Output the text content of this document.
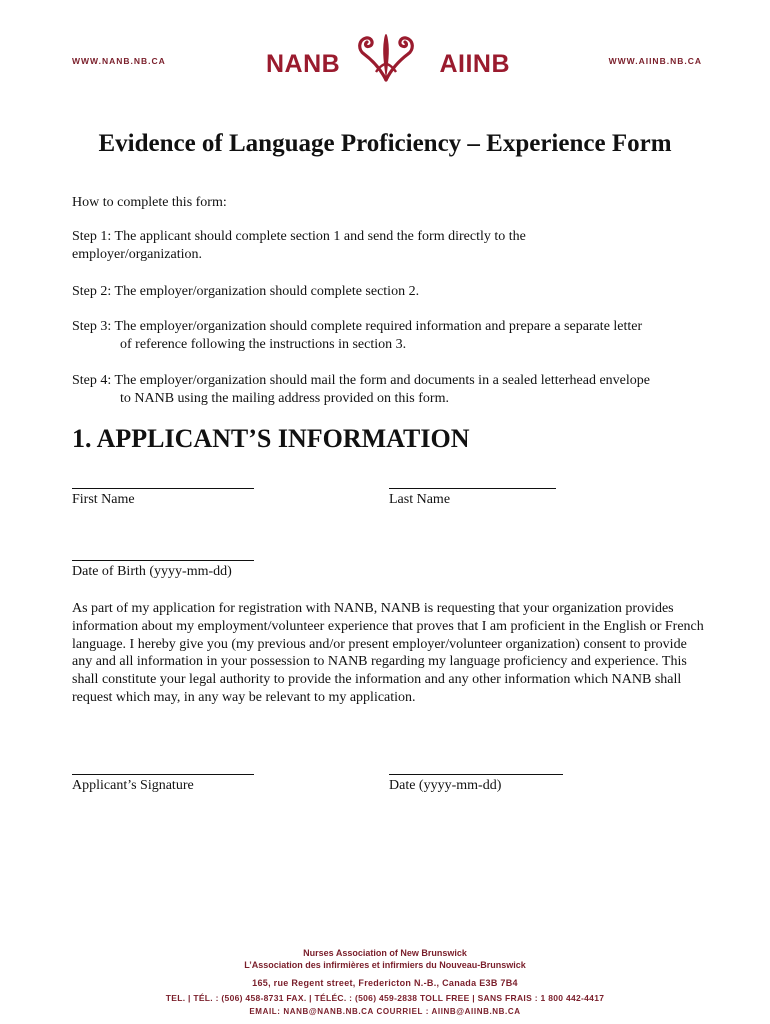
WWW.NANB.NB.CA	WWW.AIINB.NB.CA
NANB	AIINB
Evidence of Language Proficiency – Experience Form

How to complete this form:

Step 1: The applicant should complete section 1 and send the form directly to the
employer/organization.

Step 2: The employer/organization should complete section 2.

Step 3: The employer/organization should complete required information and prepare a separate letter
of reference following the instructions in section 3.

Step 4: The employer/organization should mail the form and documents in a sealed letterhead envelope
to NANB using the mailing address provided on this form.

1. APPLICANT’S INFORMATION
First Name	Last Name
Date of Birth (yyyy-mm-dd)

As part of my application for registration with NANB, NANB is requesting that your organization provides information about my employment/volunteer experience that proves that I am proficient in the English or French language. I hereby give you (my previous and/or present employer/volunteer organization) consent to provide any and all information in your possession to NANB regarding my language proficiency and experience. This shall constitute your legal authority to provide the information and any other information which NANB shall request which may, in any way be relevant to my application.

Applicant’s Signature	Date (yyyy-mm-dd)
Nurses Association of New Brunswick
L’Association des infirmières et infirmiers du Nouveau-Brunswick
165, rue Regent street, Fredericton N.-B., Canada E3B 7B4
TEL. | TÉL. : (506) 458-8731 FAX. | TÉLÉC. : (506) 459-2838 TOLL FREE | SANS FRAIS : 1 800 442-4417
EMAIL: NANB@NANB.NB.CA COURRIEL : AIINB@AIINB.NB.CA
